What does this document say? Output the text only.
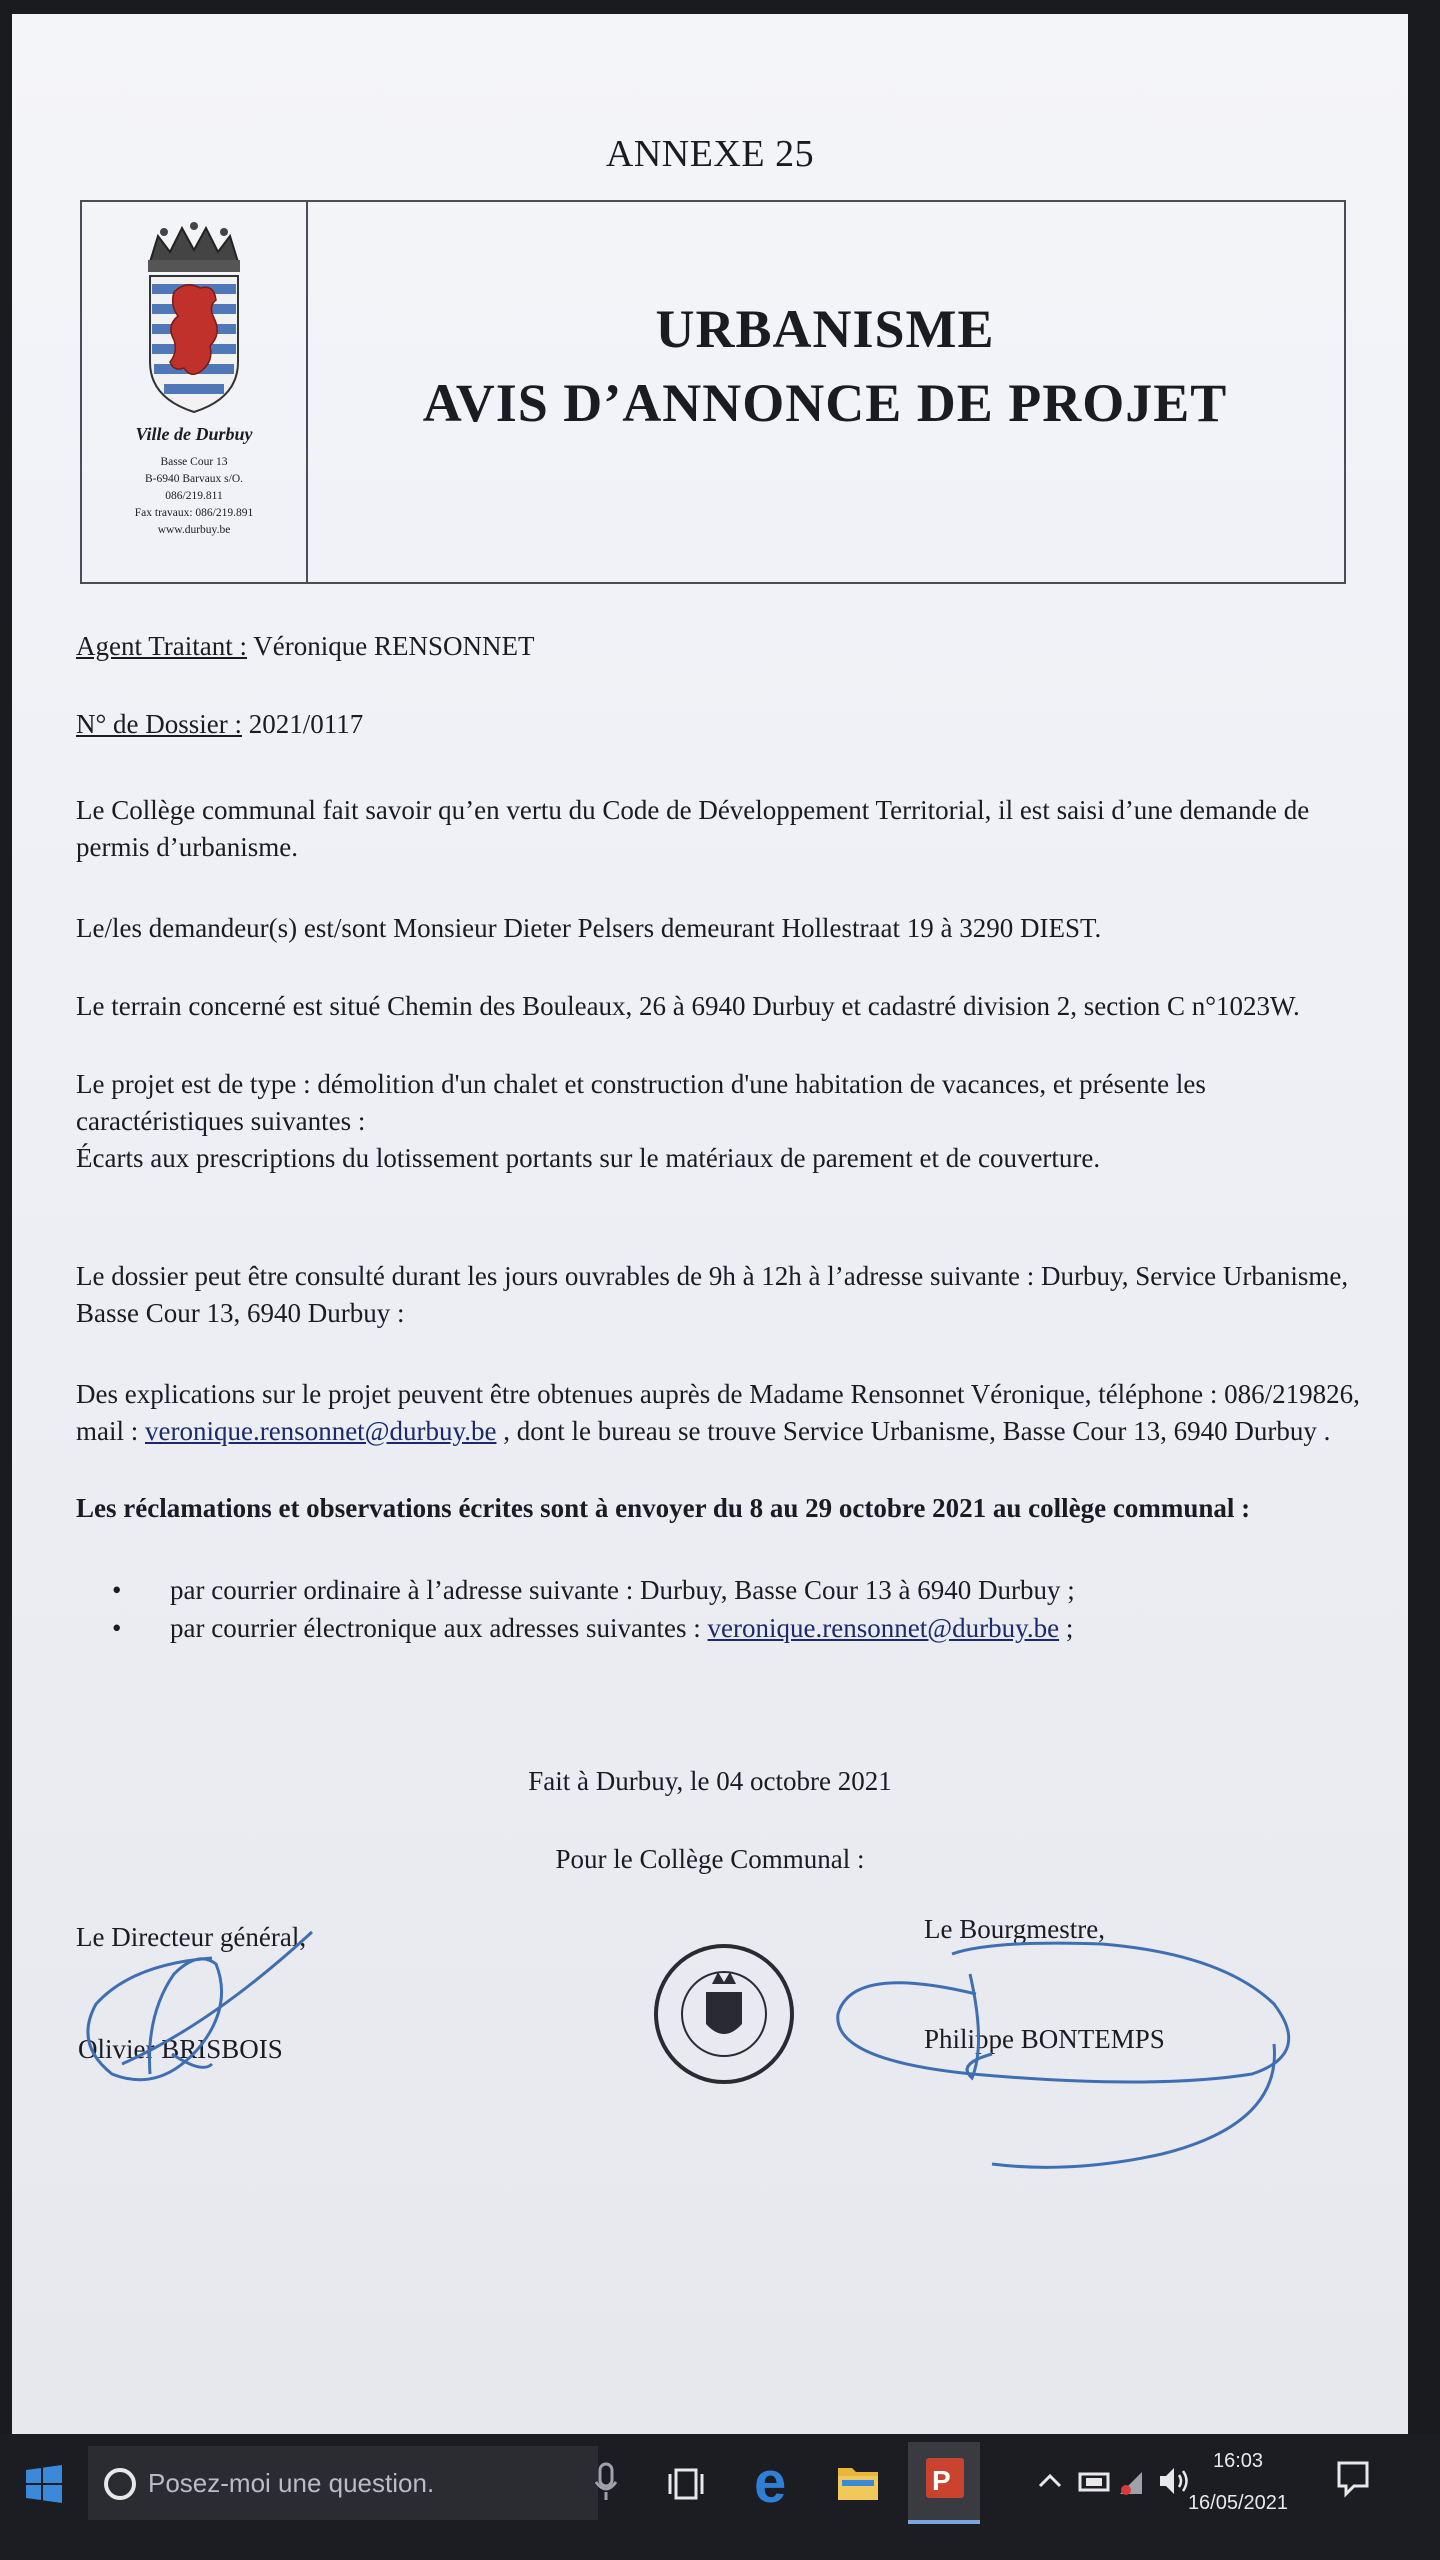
ANNEXE 25
Ville de Durbuy
Basse Cour 13
B-6940 Barvaux s/O.
086/219.811
Fax travaux: 086/219.891
www.durbuy.be
URBANISME
AVIS D’ANNONCE DE PROJET
Agent Traitant : Véronique RENSONNET
N° de Dossier : 2021/0117
Le Collège communal fait savoir qu’en vertu du Code de Développement Territorial, il est saisi d’une demande de
permis d’urbanisme.
Le/les demandeur(s) est/sont Monsieur Dieter Pelsers demeurant Hollestraat 19 à 3290 DIEST.
Le terrain concerné est situé Chemin des Bouleaux, 26 à 6940 Durbuy et cadastré division 2, section C n°1023W.
Le projet est de type : démolition d'un chalet et construction d'une habitation de vacances, et présente les
caractéristiques suivantes :
Écarts aux prescriptions du lotissement portants sur le matériaux de parement et de couverture.
Le dossier peut être consulté durant les jours ouvrables de 9h à 12h à l’adresse suivante : Durbuy, Service Urbanisme,
Basse Cour 13, 6940 Durbuy :
Des explications sur le projet peuvent être obtenues auprès de Madame Rensonnet Véronique, téléphone : 086/219826,
mail : veronique.rensonnet@durbuy.be , dont le bureau se trouve Service Urbanisme, Basse Cour 13, 6940 Durbuy .
Les réclamations et observations écrites sont à envoyer du 8 au 29 octobre 2021 au collège communal :
• par courrier ordinaire à l’adresse suivante : Durbuy, Basse Cour 13 à 6940 Durbuy ;
• par courrier électronique aux adresses suivantes : veronique.rensonnet@durbuy.be ;
Fait à Durbuy, le 04 octobre 2021
Pour le Collège Communal :
Le Directeur général,
Olivier BRISBOIS
Le Bourgmestre,
Philippe BONTEMPS
Posez-moi une question.	e	P
16:03
16/05/2021
